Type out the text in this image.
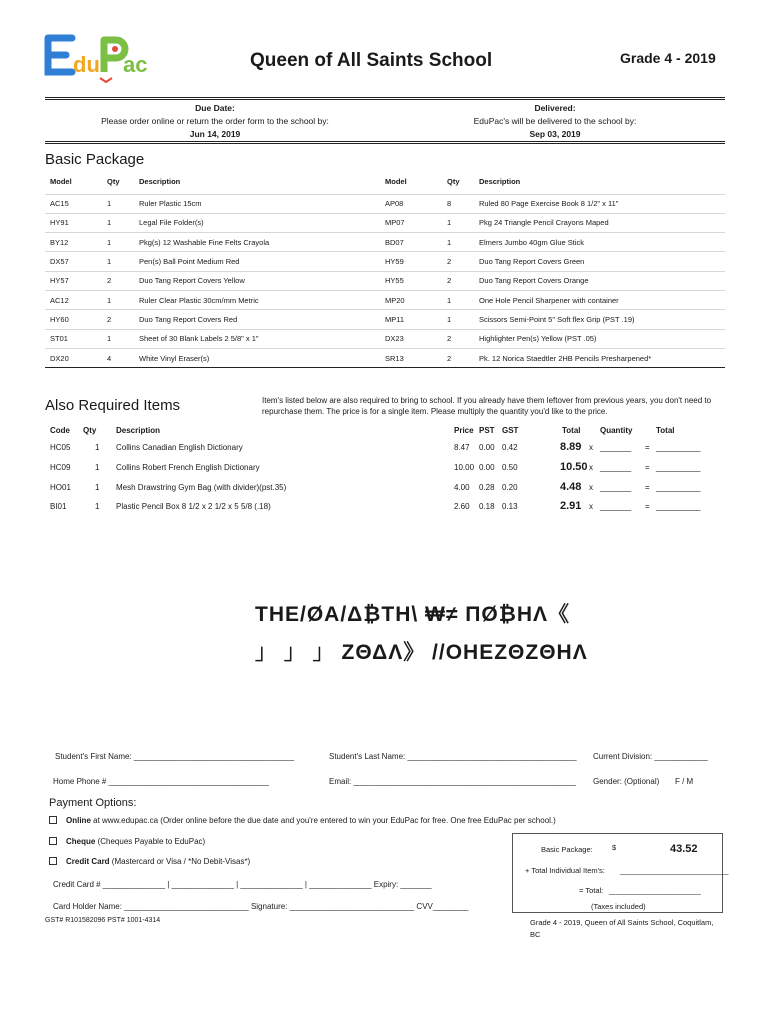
du ac	Queen of All Saints School	Grade 4 - 2019
Due Date:
Please order online or return the order form to the school by:
Jun 14, 2019
Delivered:
EduPac's will be delivered to the school by:
Sep 03, 2019
Basic Package
Model	Qty	Description	Model	Qty	Description
AC15	1	Ruler Plastic 15cm	AP08	8	Ruled 80 Page Exercise Book 8 1/2" x 11"
HY91	1	Legal File Folder(s)	MP07	1	Pkg 24 Triangle Pencil Crayons Maped
BY12	1	Pkg(s) 12 Washable Fine Felts Crayola	BD07	1	Elmers Jumbo 40gm Glue Stick
DX57	1	Pen(s) Ball Point Medium Red	HY59	2	Duo Tang Report Covers Green
HY57	2	Duo Tang Report Covers Yellow	HY55	2	Duo Tang Report Covers Orange
AC12	1	Ruler Clear Plastic 30cm/mm Metric	MP20	1	One Hole Pencil Sharpener with container
HY60	2	Duo Tang Report Covers Red	MP11	1	Scissors Semi-Point 5" Soft flex Grip (PST .19)
ST01	1	Sheet of 30 Blank Labels 2 5/8" x 1"	DX23	2	Highlighter Pen(s) Yellow (PST .05)
DX20	4	White Vinyl Eraser(s)	SR13	2	Pk. 12 Norica Staedtler 2HB Pencils Presharpened*
Also Required Items	Item's listed below are also required to bring to school. If you already have them leftover from previous years, you don't need to repurchase them. The price is for a single item. Please multiply the quantity you'd like to the price.
Code Qty Description	Price PST GST	Total Quantity	Total
HC05	1 Collins Canadian English Dictionary	8.47 0.00 0.42	8.89 x _______ = __________
HC09	1 Collins Robert French English Dictionary	10.00 0.00 0.50	10.50 x _______ = __________
HO01	1 Mesh Drawstring Gym Bag (with divider)(pst.35)	4.00 0.28 0.20	4.48 x _______ = __________
BI01	1 Plastic Pencil Box 8 1/2 x 2 1/2 x 5 5/8 (.18)	2.60 0.18 0.13	2.91 x _______ = __________
THE/ØA/Δ₿ΤΗ\ ₩≠ ΠØ₿ΗΛ《
」 」 」 ΖΘΔΛ》 //ΟΗΕΖΘΖΘΗΛ
Student's First Name: ____________________________________	Student's Last Name: ______________________________________ Current Division: ____________
Home Phone # ____________________________________	Email: __________________________________________________ Gender: (Optional) F / M
Payment Options:
Online at www.edupac.ca (Order online before the due date and you're entered to win your EduPac for free. One free EduPac per school.)
Cheque (Cheques Payable to EduPac)
Credit Card (Mastercard or Visa / *No Debit-Visas*)
Credit Card # ______________ | ______________ | ______________ | ______________ Expiry: _______
Card Holder Name: ____________________________ Signature: ____________________________ CVV________
Basic Package:	$	43.52
+ Total Individual Item's: __________________________
= Total: ______________________
(Taxes included)
GST# R101582096 PST# 1001-4314	Grade 4 - 2019, Queen of All Saints School, Coquitlam, BC
